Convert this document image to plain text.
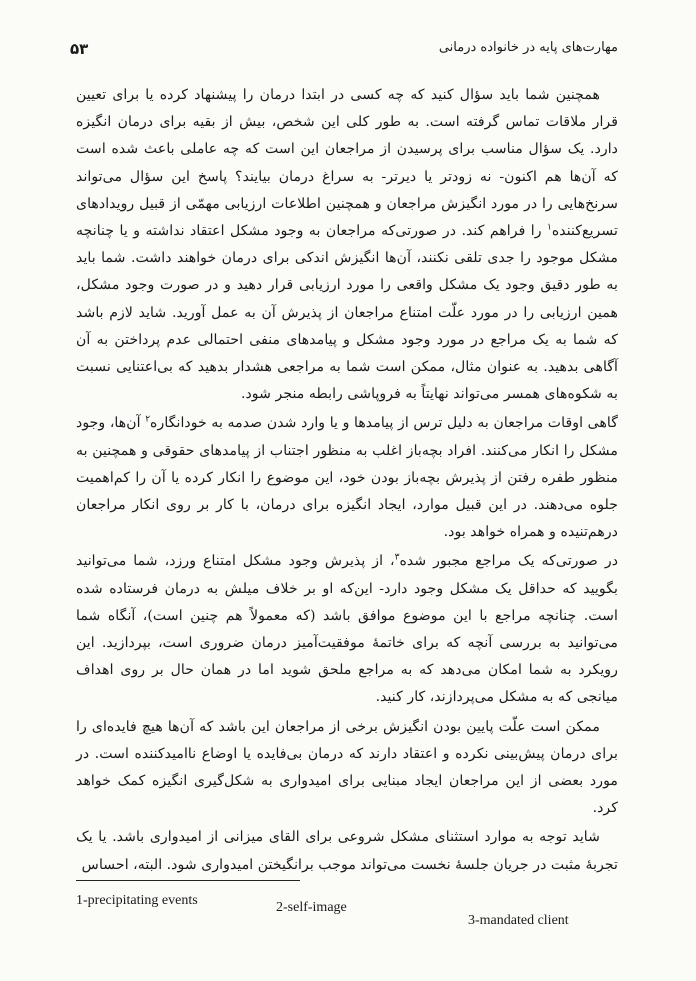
۵۳	مهارت‌های پایه در خانواده درمانی

همچنین شما باید سؤال کنید که چه کسی در ابتدا درمان را پیشنهاد کرده یا برای تعیین قرار ملاقات تماس گرفته است. به طور کلی این شخص، بیش از بقیه برای درمان انگیزه دارد. یک سؤال مناسب برای پرسیدن از مراجعان این است که چه عاملی باعث شده است که آن‌ها هم اکنون- نه زودتر یا دیرتر- به سراغ درمان بیایند؟ پاسخ این سؤال می‌تواند سرنخ‌هایی را در مورد انگیزش مراجعان و همچنین اطلاعات ارزیابی مهمّی از قبیل رویدادهای تسریع‌کننده$^۱$ را فراهم کند. در صورتی‌که مراجعان به وجود مشکل اعتقاد نداشته و یا چنانچه مشکل موجود را جدی تلقی نکنند، آن‌ها انگیزش اندکی برای درمان خواهند داشت. شما باید به طور دقیق وجود یک مشکل واقعی را مورد ارزیابی قرار دهید و در صورت وجود مشکل، همین ارزیابی را در مورد علّت امتناع مراجعان از پذیرش آن به عمل آورید. شاید لازم باشد که شما به یک مراجع در مورد وجود مشکل و پیامدهای منفی احتمالی عدم پرداختن به آن آگاهی بدهید. به عنوان مثال، ممکن است شما به مراجعی هشدار بدهید که بی‌اعتنایی نسبت به شکوه‌های همسر می‌تواند نهایتاً به فروپاشی رابطه منجر شود.

گاهی اوقات مراجعان به دلیل ترس از پیامدها و یا وارد شدن صدمه به خودانگاره$^۲$ آن‌ها، وجود مشکل را انکار می‌کنند. افراد بچه‌باز اغلب به منظور اجتناب از پیامدهای حقوقی و همچنین به منظور طفره رفتن از پذیرش بچه‌باز بودن خود، این موضوع را انکار کرده یا آن را کم‌اهمیت جلوه می‌دهند. در این قبیل موارد، ایجاد انگیزه برای درمان، با کار بر روی انکار مراجعان درهم‌تنیده و همراه خواهد بود.

در صورتی‌که یک مراجع مجبور شده$^۳$، از پذیرش وجود مشکل امتناع ورزد، شما می‌توانید بگویید که حداقل یک مشکل وجود دارد- این‌که او بر خلاف میلش به درمان فرستاده شده است. چنانچه مراجع با این موضوع موافق باشد (که معمولاً هم چنین است)، آنگاه شما می‌توانید به بررسی آنچه که برای خاتمهٔ موفقیت‌آمیز درمان ضروری است، بپردازید. این رویکرد به شما امکان می‌دهد که به مراجع ملحق شوید اما در همان حال بر روی اهداف میانجی که به مشکل می‌پردازند، کار کنید.

ممکن است علّت پایین بودن انگیزش برخی از مراجعان این باشد که آن‌ها هیچ فایده‌ای را برای درمان پیش‌بینی نکرده و اعتقاد دارند که درمان بی‌فایده یا اوضاع ناامیدکننده است. در مورد بعضی از این مراجعان ایجاد مبنایی برای امیدواری به شکل‌گیری انگیزه کمک خواهد کرد.

شاید توجه به موارد استثنای مشکل شروعی برای القای میزانی از امیدواری باشد. یا یک تجربهٔ مثبت در جریان جلسهٔ نخست می‌تواند موجب برانگیختن امیدواری شود. البته، احساس

1-precipitating events	2-self-image
3-mandated client
